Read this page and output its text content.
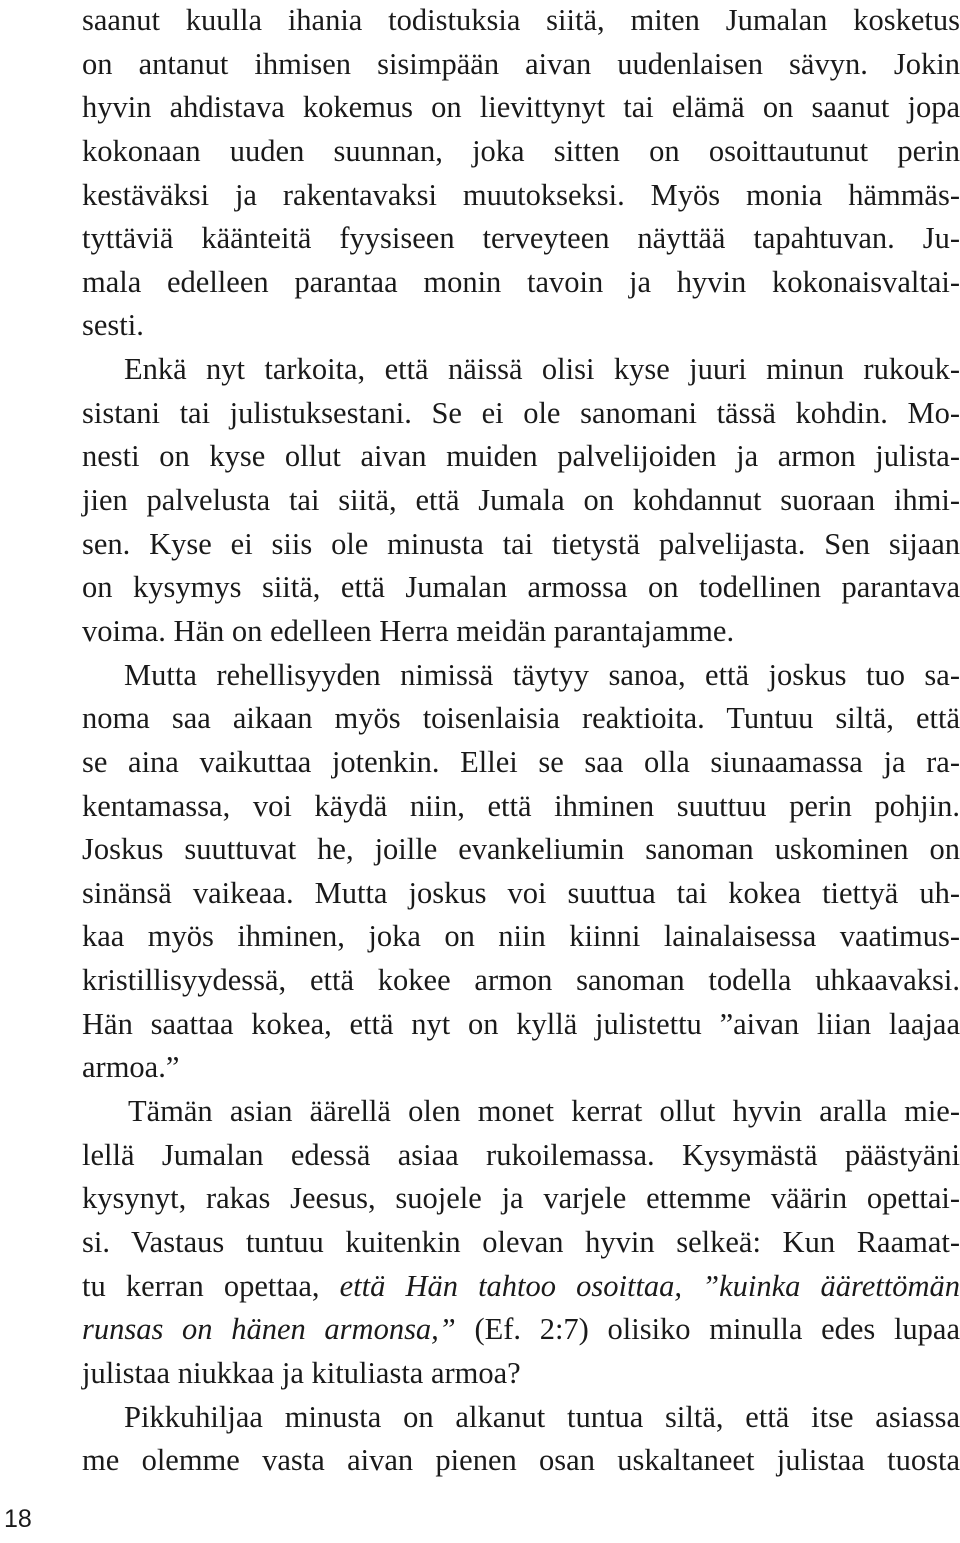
saanut kuulla ihania todistuksia siitä, miten Jumalan kosketus
on antanut ihmisen sisimpään aivan uudenlaisen sävyn. Jokin
hyvin ahdistava kokemus on lievittynyt tai elämä on saanut jopa
kokonaan uuden suunnan, joka sitten on osoittautunut perin
kestäväksi ja rakentavaksi muutokseksi. Myös monia hämmäs-
tyttäviä käänteitä fyysiseen terveyteen näyttää tapahtuvan. Ju-
mala edelleen parantaa monin tavoin ja hyvin kokonaisvaltai-
sesti.
Enkä nyt tarkoita, että näissä olisi kyse juuri minun rukouk-
sistani tai julistuksestani. Se ei ole sanomani tässä kohdin. Mo-
nesti on kyse ollut aivan muiden palvelijoiden ja armon julista-
jien palvelusta tai siitä, että Jumala on kohdannut suoraan ihmi-
sen. Kyse ei siis ole minusta tai tietystä palvelijasta. Sen sijaan
on kysymys siitä, että Jumalan armossa on todellinen parantava
voima. Hän on edelleen Herra meidän parantajamme.
Mutta rehellisyyden nimissä täytyy sanoa, että joskus tuo sa-
noma saa aikaan myös toisenlaisia reaktioita. Tuntuu siltä, että
se aina vaikuttaa jotenkin. Ellei se saa olla siunaamassa ja ra-
kentamassa, voi käydä niin, että ihminen suuttuu perin pohjin.
Joskus suuttuvat he, joille evankeliumin sanoman uskominen on
sinänsä vaikeaa. Mutta joskus voi suuttua tai kokea tiettyä uh-
kaa myös ihminen, joka on niin kiinni lainalaisessa vaatimus-
kristillisyydessä, että kokee armon sanoman todella uhkaavaksi.
Hän saattaa kokea, että nyt on kyllä julistettu ”aivan liian laajaa
armoa.”
Tämän asian äärellä olen monet kerrat ollut hyvin aralla mie-
lellä Jumalan edessä asiaa rukoilemassa. Kysymästä päästyäni
kysynyt, rakas Jeesus, suojele ja varjele ettemme väärin opettai-
si. Vastaus tuntuu kuitenkin olevan hyvin selkeä: Kun Raamat-
tu kerran opettaa, että Hän tahtoo osoittaa, ”kuinka äärettömän
runsas on hänen armonsa,” (Ef. 2:7) olisiko minulla edes lupaa
julistaa niukkaa ja kituliasta armoa?
Pikkuhiljaa minusta on alkanut tuntua siltä, että itse asiassa
me olemme vasta aivan pienen osan uskaltaneet julistaa tuosta
18
